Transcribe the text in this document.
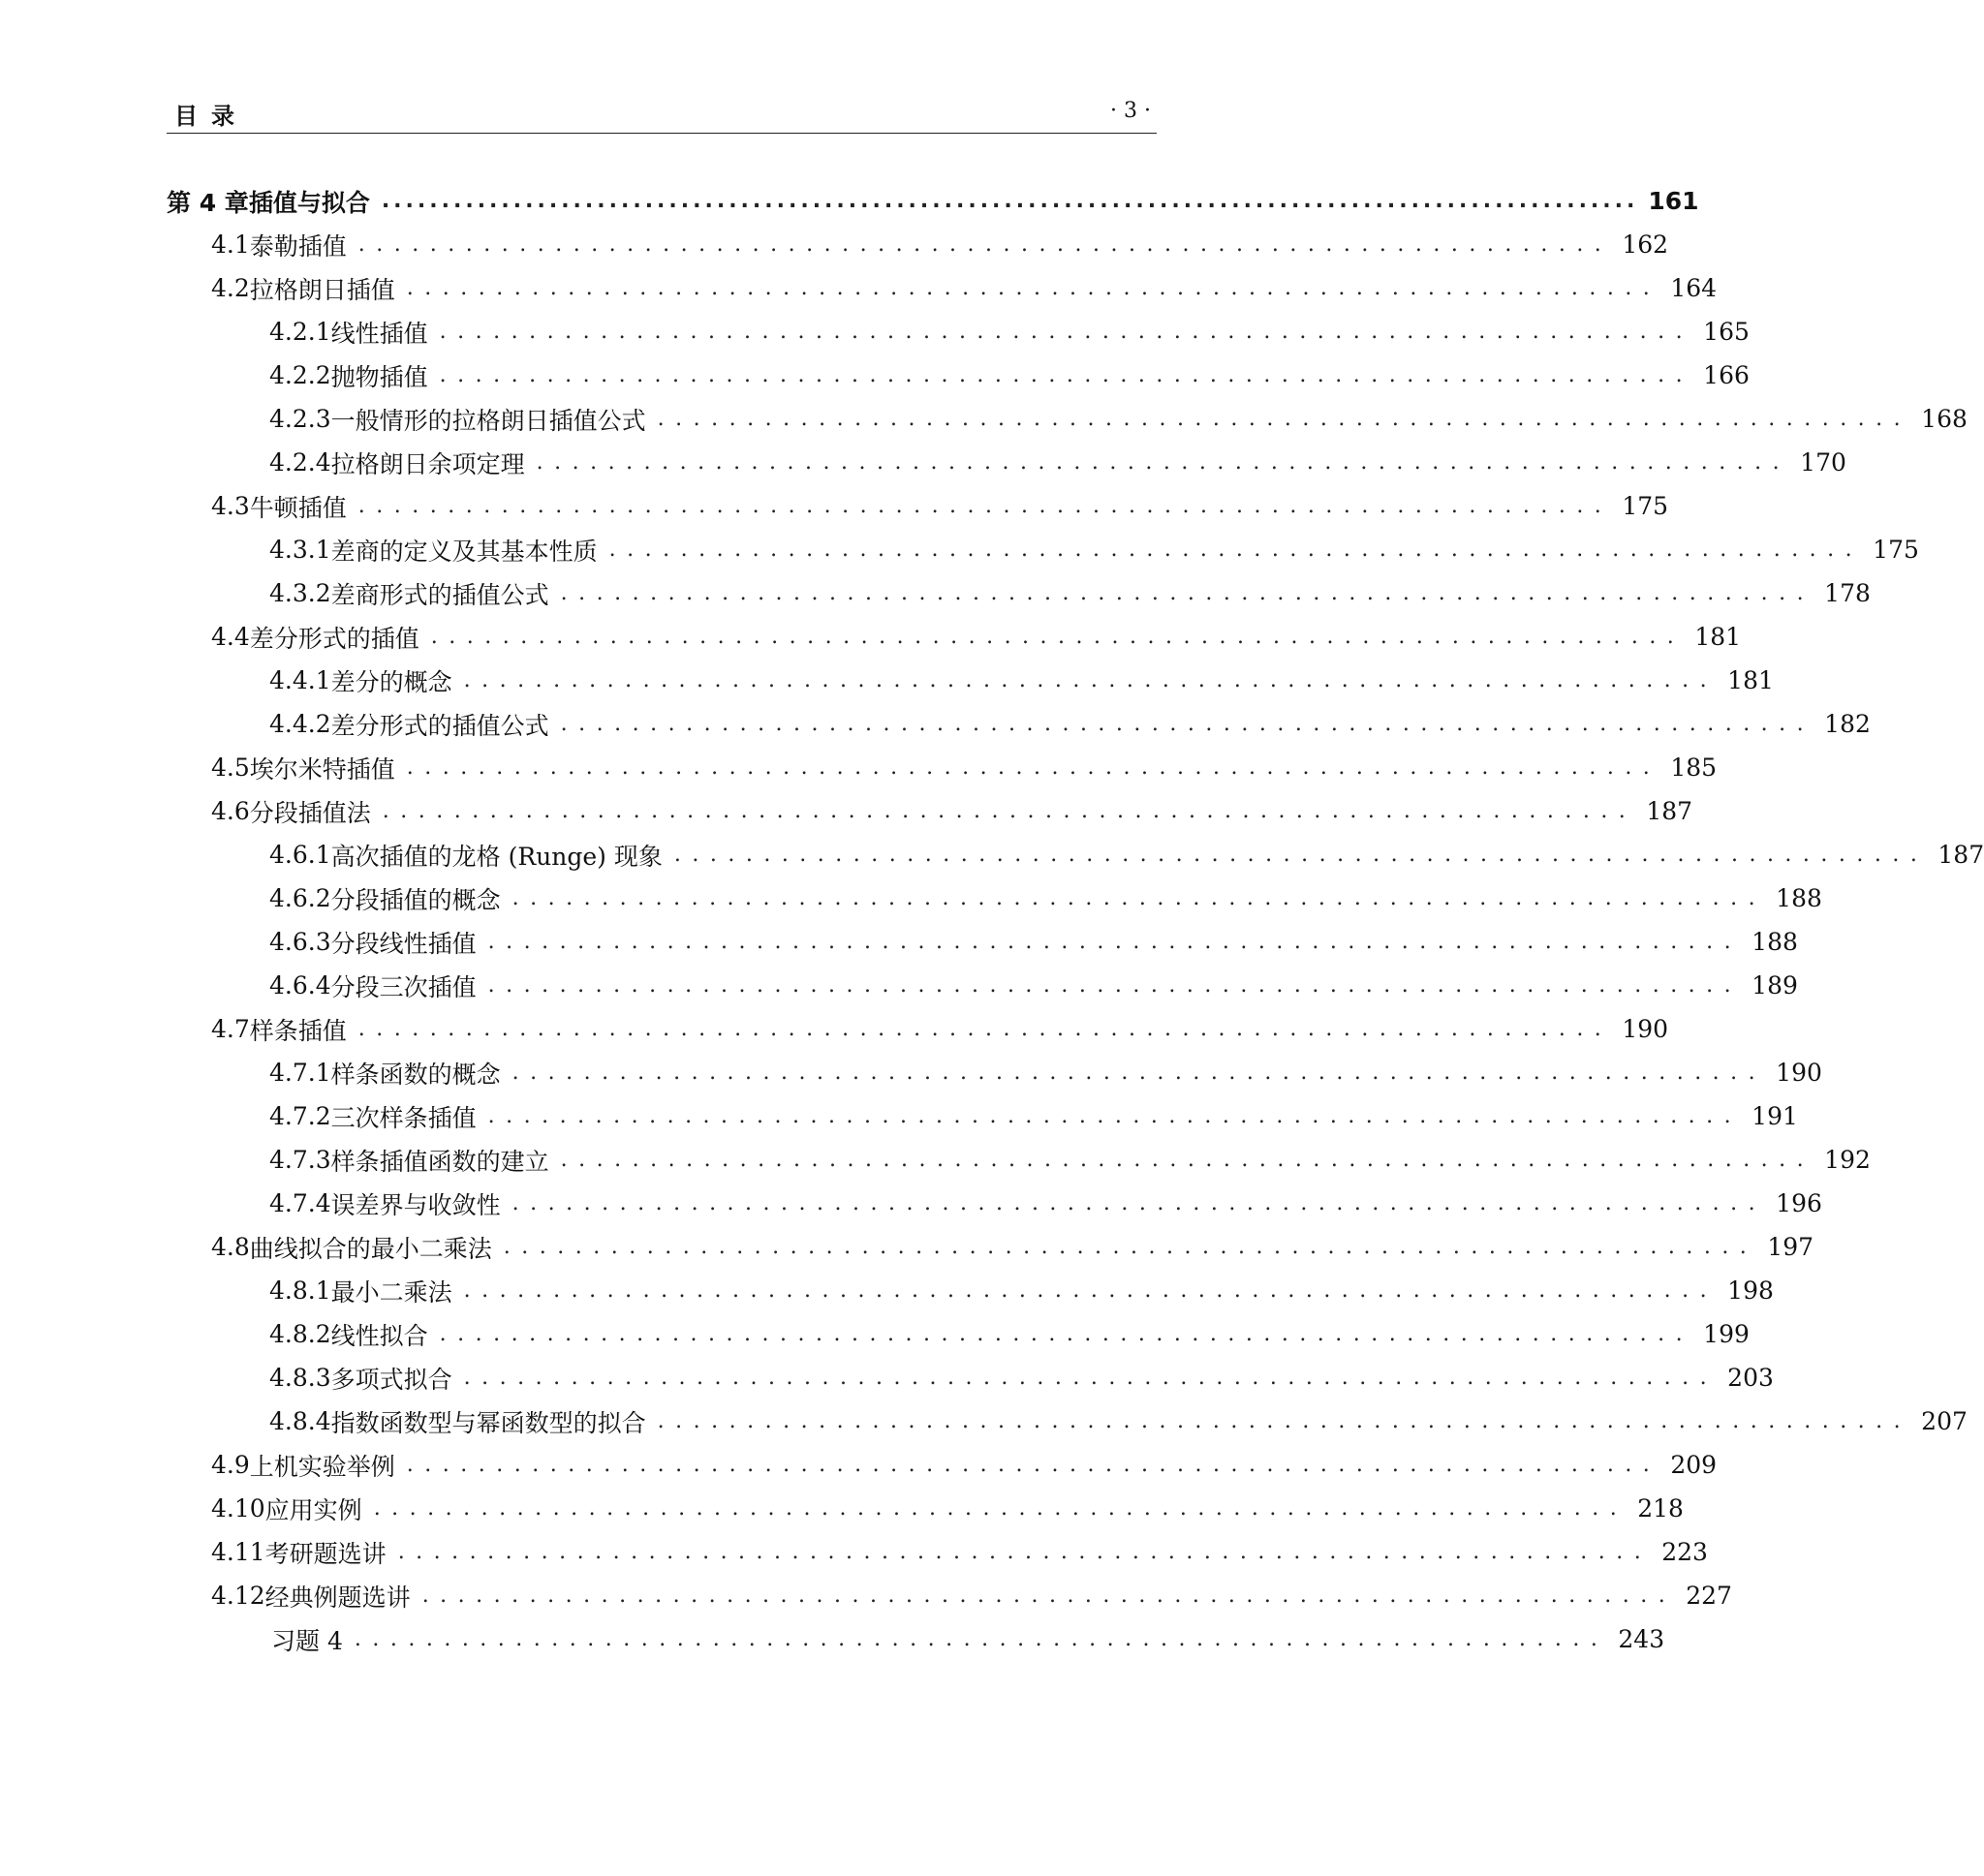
目录	· 3 ·
第 4 章 插值与拟合 ......................................................................................................... 161
4.1 泰勒插值 ...................................................................... 162
4.2 拉格朗日插值 ...................................................................... 164
4.2.1 线性插值 ...................................................................... 165
4.2.2 抛物插值 ...................................................................... 166
4.2.3 一般情形的拉格朗日插值公式 ...................................................................... 168
4.2.4 拉格朗日余项定理 ...................................................................... 170
4.3 牛顿插值 ...................................................................... 175
4.3.1 差商的定义及其基本性质 ...................................................................... 175
4.3.2 差商形式的插值公式 ...................................................................... 178
4.4 差分形式的插值 ...................................................................... 181
4.4.1 差分的概念 ...................................................................... 181
4.4.2 差分形式的插值公式 ...................................................................... 182
4.5 埃尔米特插值 ...................................................................... 185
4.6 分段插值法 ...................................................................... 187
4.6.1 高次插值的龙格 (Runge) 现象 ...................................................................... 187
4.6.2 分段插值的概念 ...................................................................... 188
4.6.3 分段线性插值 ...................................................................... 188
4.6.4 分段三次插值 ...................................................................... 189
4.7 样条插值 ...................................................................... 190
4.7.1 样条函数的概念 ...................................................................... 190
4.7.2 三次样条插值 ...................................................................... 191
4.7.3 样条插值函数的建立 ...................................................................... 192
4.7.4 误差界与收敛性 ...................................................................... 196
4.8 曲线拟合的最小二乘法 ...................................................................... 197
4.8.1 最小二乘法 ...................................................................... 198
4.8.2 线性拟合 ...................................................................... 199
4.8.3 多项式拟合 ...................................................................... 203
4.8.4 指数函数型与幂函数型的拟合 ...................................................................... 207
4.9 上机实验举例 ...................................................................... 209
4.10 应用实例 ...................................................................... 218
4.11 考研题选讲 ...................................................................... 223
4.12 经典例题选讲 ...................................................................... 227
习题 4 ...................................................................... 243
